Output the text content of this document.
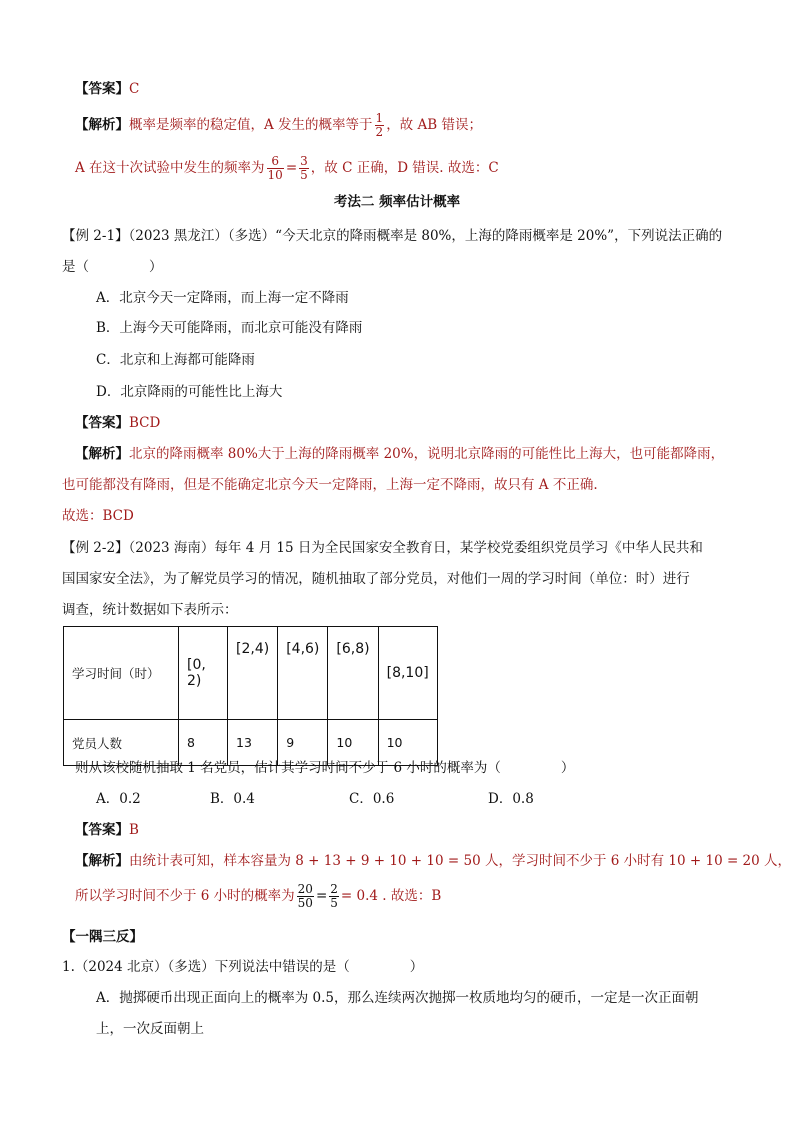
【答案】C
【解析】概率是频率的稳定值，A 发生的概率等于 $\frac{1}{2}$ ，故 AB 错误；
A 在这十次试验中发生的频率为 $\frac{6}{10} = \frac{3}{5}$ ，故 C 正确，D 错误. 故选：C
考法二 频率估计概率
【例 2-1】（2023 黑龙江）（多选）“今天北京的降雨概率是 80%，上海的降雨概率是 20%”，下列说法正确的
是（	）
A．北京今天一定降雨，而上海一定不降雨
B．上海今天可能降雨，而北京可能没有降雨
C．北京和上海都可能降雨
D．北京降雨的可能性比上海大
【答案】BCD
【解析】北京的降雨概率 80%大于上海的降雨概率 20%，说明北京降雨的可能性比上海大，也可能都降雨，
也可能都没有降雨，但是不能确定北京今天一定降雨，上海一定不降雨，故只有 A 不正确.
故选：BCD
【例 2-2】（2023 海南）每年 4 月 15 日为全民国家安全教育日，某学校党委组织党员学习《中华人民共和
国国家安全法》，为了解党员学习的情况，随机抽取了部分党员，对他们一周的学习时间（单位：时）进行
调查，统计数据如下表所示：
学习时间（时）	[0, 2)	[2,4)	[4,6)	[6,8)	[8,10]
党员人数	8	13	9	10	10
则从该校随机抽取 1 名党员，估计其学习时间不少于 6 小时的概率为（	）
A．0.2	B．0.4	C．0.6	D．0.8
【答案】B
【解析】由统计表可知，样本容量为 8 + 13 + 9 + 10 + 10 = 50 人，学习时间不少于 6 小时有 10 + 10 = 20 人，
所以学习时间不少于 6 小时的概率为 $\frac{20}{50} = \frac{2}{5} = 0.4$ . 故选：B
【一隅三反】
1.（2024 北京）（多选）下列说法中错误的是（	）
A．抛掷硬币出现正面向上的概率为 0.5，那么连续两次抛掷一枚质地均匀的硬币，一定是一次正面朝
上，一次反面朝上
